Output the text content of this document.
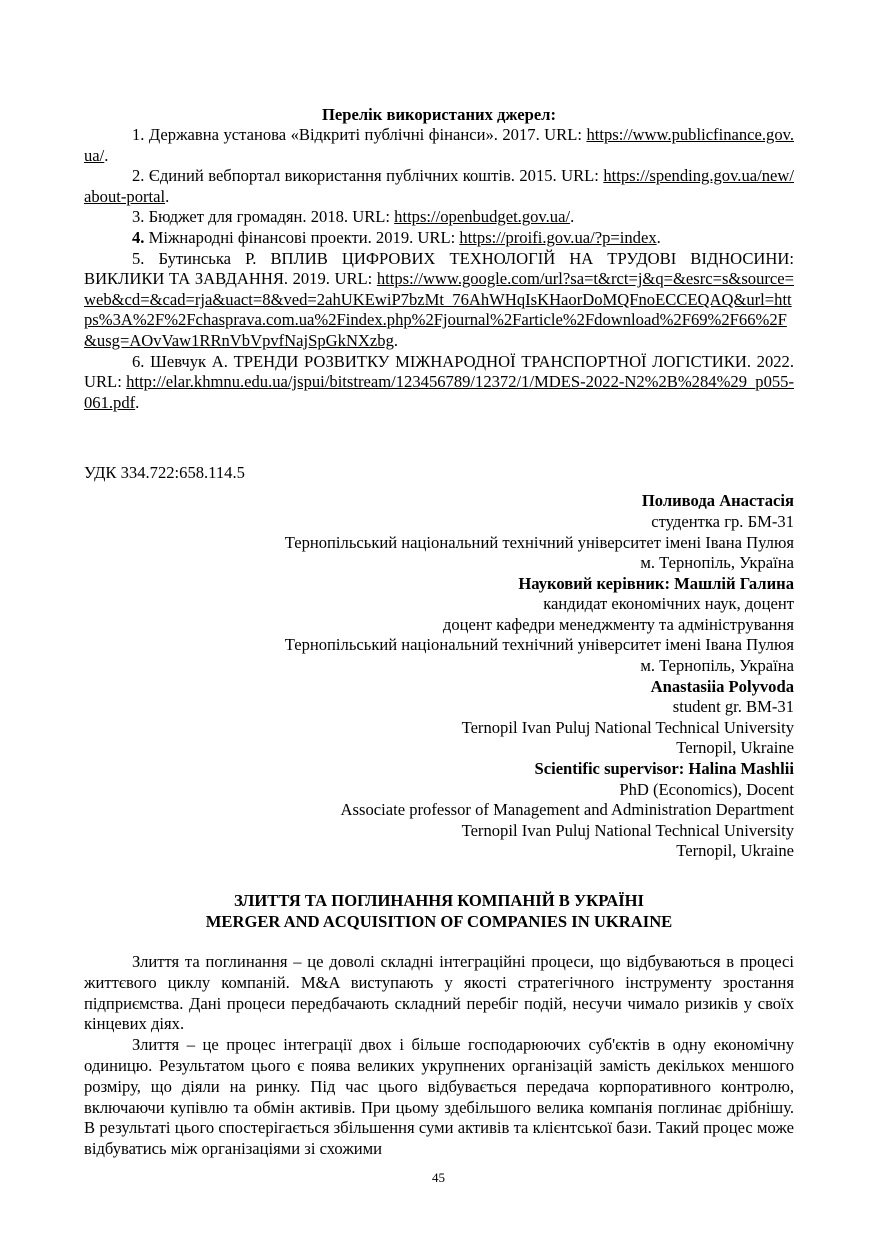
Перелік використаних джерел:

1. Державна установа «Відкриті публічні фінанси». 2017. URL: https://www.publicfinance.gov.ua/.

2. Єдиний вебпортал використання публічних коштів. 2015. URL: https://spending.gov.ua/new/about-portal.

3. Бюджет для громадян. 2018. URL: https://openbudget.gov.ua/.

4. Міжнародні фінансові проекти. 2019. URL: https://proifi.gov.ua/?p=index.

5. Бутинська Р. ВПЛИВ ЦИФРОВИХ ТЕХНОЛОГІЙ НА ТРУДОВІ ВІДНОСИНИ: ВИКЛИКИ ТА ЗАВДАННЯ. 2019. URL: https://www.google.com/url?sa=t&rct=j&q=&esrc=s&source=web&cd=&cad=rja&uact=8&ved=2ahUKEwiP7bzMt_76AhWHqIsKHaorDoMQFnoECCEQAQ&url=https%3A%2F%2Fchasprava.com.ua%2Findex.php%2Fjournal%2Farticle%2Fdownload%2F69%2F66%2F&usg=AOvVaw1RRnVbVpvfNajSpGkNXzbg.

6. Шевчук А. ТРЕНДИ РОЗВИТКУ МІЖНАРОДНОЇ ТРАНСПОРТНОЇ ЛОГІСТИКИ. 2022. URL: http://elar.khmnu.edu.ua/jspui/bitstream/123456789/12372/1/MDES-2022-N2%2B%284%29_p055-061.pdf.

УДК 334.722:658.114.5
Поливода Анастасія
студентка гр. БМ-31
Тернопільський національний технічний університет імені Івана Пулюя
м. Тернопіль, Україна
Науковий керівник: Машлій Галина
кандидат економічних наук, доцент
доцент кафедри менеджменту та адміністрування
Тернопільський національний технічний університет імені Івана Пулюя
м. Тернопіль, Україна
Anastasiia Polyvoda
student gr. BM-31
Ternopil Ivan Puluj National Technical University
Ternopil, Ukraine
Scientific supervisor: Halina Mashlii
PhD (Economics), Docent
Associate professor of Management and Administration Department
Ternopil Ivan Puluj National Technical University
Ternopil, Ukraine
ЗЛИТТЯ ТА ПОГЛИНАННЯ КОМПАНІЙ В УКРАЇНІ
MERGER AND ACQUISITION OF COMPANIES IN UKRAINE

Злиття та поглинання – це доволі складні інтеграційні процеси, що відбуваються в процесі життєвого циклу компаній. M&A виступають у якості стратегічного інструменту зростання підприємства. Дані процеси передбачають складний перебіг подій, несучи чимало ризиків у своїх кінцевих діях.

Злиття – це процес інтеграції двох і більше господарюючих суб'єктів в одну економічну одиницю. Результатом цього є поява великих укрупнених організацій замість декількох меншого розміру, що діяли на ринку. Під час цього відбувається передача корпоративного контролю, включаючи купівлю та обмін активів. При цьому здебільшого велика компанія поглинає дрібнішу. В результаті цього спостерігається збільшення суми активів та клієнтської бази. Такий процес може відбуватись між організаціями зі схожими

45
